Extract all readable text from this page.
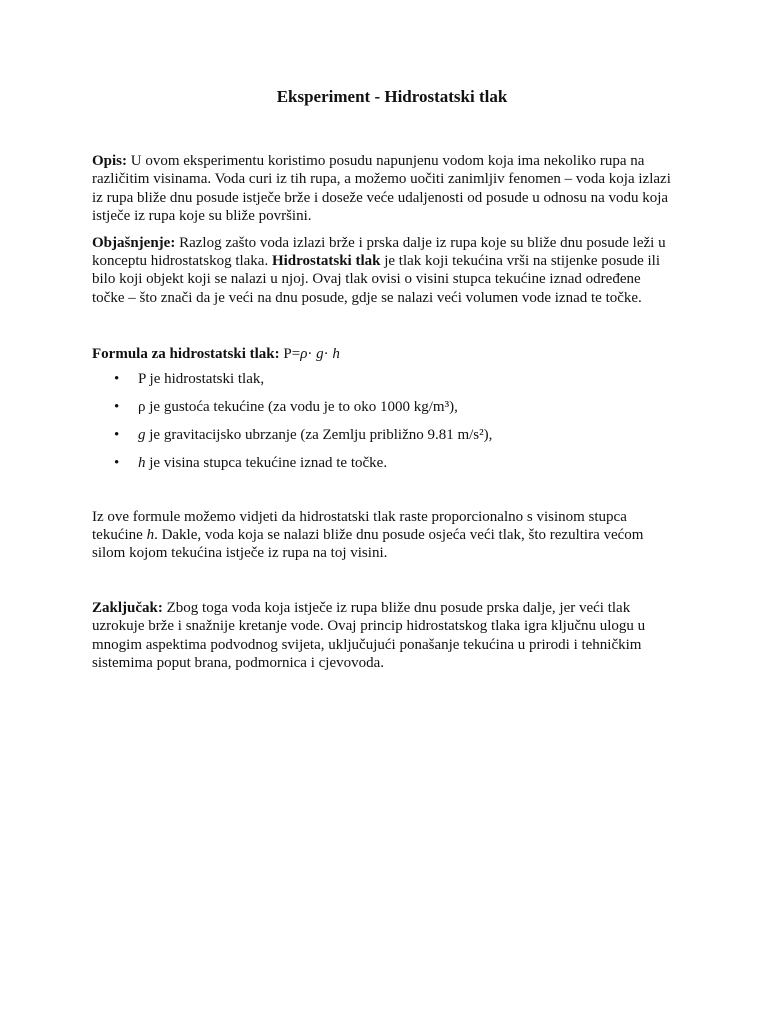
Eksperiment - Hidrostatski tlak

Opis: U ovom eksperimentu koristimo posudu napunjenu vodom koja ima nekoliko rupa na različitim visinama. Voda curi iz tih rupa, a možemo uočiti zanimljiv fenomen – voda koja izlazi iz rupa bliže dnu posude istječe brže i doseže veće udaljenosti od posude u odnosu na vodu koja istječe iz rupa koje su bliže površini.

Objašnjenje: Razlog zašto voda izlazi brže i prska dalje iz rupa koje su bliže dnu posude leži u konceptu hidrostatskog tlaka. Hidrostatski tlak je tlak koji tekućina vrši na stijenke posude ili bilo koji objekt koji se nalazi u njoj. Ovaj tlak ovisi o visini stupca tekućine iznad određene točke – što znači da je veći na dnu posude, gdje se nalazi veći volumen vode iznad te točke.

Formula za hidrostatski tlak: P=ρ· g· h

• P je hidrostatski tlak,
• ρ je gustoća tekućine (za vodu je to oko 1000 kg/m³),
• g je gravitacijsko ubrzanje (za Zemlju približno 9.81 m/s²),
• h je visina stupca tekućine iznad te točke.

Iz ove formule možemo vidjeti da hidrostatski tlak raste proporcionalno s visinom stupca tekućine h. Dakle, voda koja se nalazi bliže dnu posude osjeća veći tlak, što rezultira većom silom kojom tekućina istječe iz rupa na toj visini.

Zaključak: Zbog toga voda koja istječe iz rupa bliže dnu posude prska dalje, jer veći tlak uzrokuje brže i snažnije kretanje vode. Ovaj princip hidrostatskog tlaka igra ključnu ulogu u mnogim aspektima podvodnog svijeta, uključujući ponašanje tekućina u prirodi i tehničkim sistemima poput brana, podmornica i cjevovoda.
